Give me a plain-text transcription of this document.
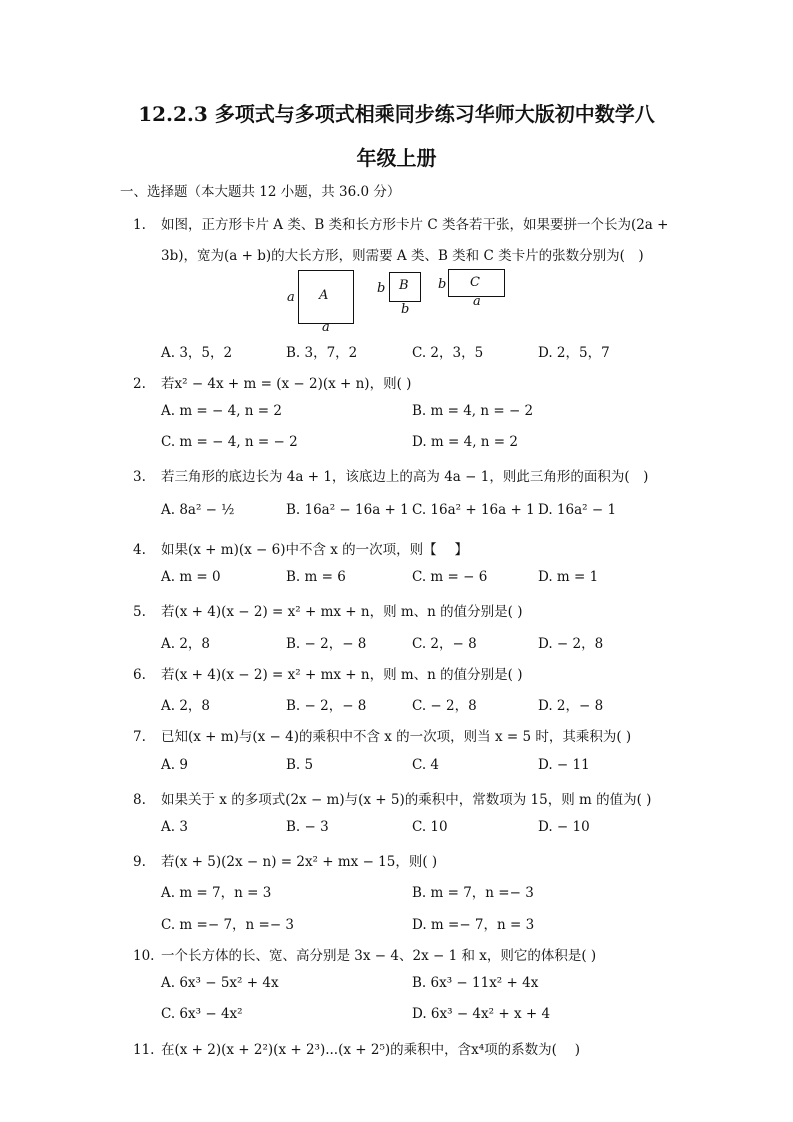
12.2.3 多项式与多项式相乘同步练习华师大版初中数学八
年级上册
一、选择题（本大题共 12 小题，共 36.0 分）
1. 如图，正方形卡片 A 类、B 类和长方形卡片 C 类各若干张，如果要拼一个长为(2a +
3b)，宽为(a + b)的大长方形，则需要 A 类、B 类和 C 类卡片的张数分别为(　)
A
a
a
B
b
b
C
b
a
A. 3，5，2	B. 3，7，2	C. 2，3，5	D. 2，5，7
2. 若x² − 4x + m = (x − 2)(x + n)，则( )
A. m = − 4, n = 2	B. m = 4, n = − 2
C. m = − 4, n = − 2	D. m = 4, n = 2
3. 若三角形的底边长为 4a + 1，该底边上的高为 4a − 1，则此三角形的面积为(　)
A. 8a² − ½	B. 16a² − 16a + 1 C. 16a² + 16a + 1 D. 16a² − 1
4. 如果(x + m)(x − 6)中不含 x 的一次项，则【　 】
A. m = 0	B. m = 6	C. m = − 6	D. m = 1
5. 若(x + 4)(x − 2) = x² + mx + n，则 m、n 的值分别是( )
A. 2，8	B. − 2，− 8	C. 2，− 8	D. − 2，8
6. 若(x + 4)(x − 2) = x² + mx + n，则 m、n 的值分别是( )
A. 2，8	B. − 2，− 8	C. − 2，8	D. 2，− 8
7. 已知(x + m)与(x − 4)的乘积中不含 x 的一次项，则当 x = 5 时，其乘积为( )
A. 9	B. 5	C. 4	D. − 11
8. 如果关于 x 的多项式(2x − m)与(x + 5)的乘积中，常数项为 15，则 m 的值为( )
A. 3	B. − 3	C. 10	D. − 10
9. 若(x + 5)(2x − n) = 2x² + mx − 15，则( )
A. m = 7，n = 3	B. m = 7，n =− 3
C. m =− 7，n =− 3	D. m =− 7，n = 3
10. 一个长方体的长、宽、高分别是 3x − 4、2x − 1 和 x，则它的体积是( )
A. 6x³ − 5x² + 4x	B. 6x³ − 11x² + 4x
C. 6x³ − 4x²	D. 6x³ − 4x² + x + 4
11. 在(x + 2)(x + 2²)(x + 2³)...(x + 2⁵)的乘积中，含x⁴项的系数为(　 )
